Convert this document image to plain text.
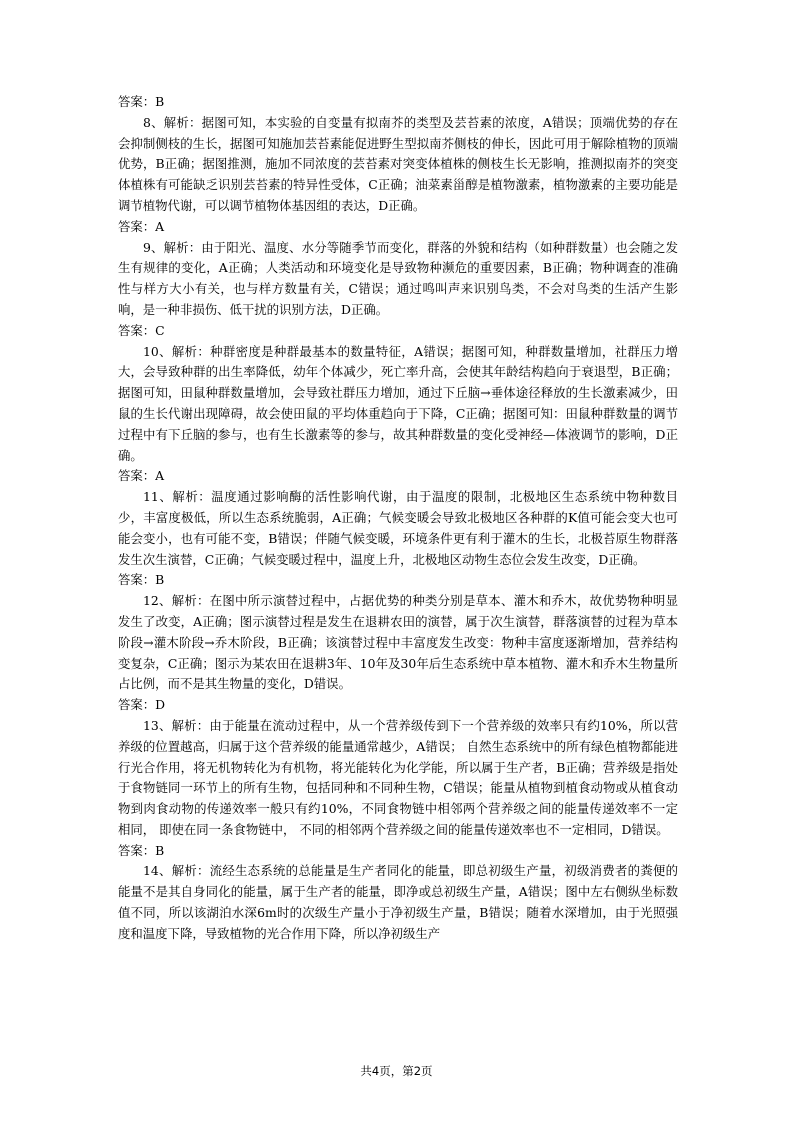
答案：B

8、解析：据图可知，本实验的自变量有拟南芥的类型及芸苔素的浓度，A错误；顶端优势的存在会抑制侧枝的生长，据图可知施加芸苔素能促进野生型拟南芥侧枝的伸长，因此可用于解除植物的顶端优势，B正确；据图推测，施加不同浓度的芸苔素对突变体植株的侧枝生长无影响，推测拟南芥的突变体植株有可能缺乏识别芸苔素的特异性受体，C正确；油菜素甾醇是植物激素，植物激素的主要功能是调节植物代谢，可以调节植物体基因组的表达，D正确。

答案：A

9、解析：由于阳光、温度、水分等随季节而变化，群落的外貌和结构（如种群数量）也会随之发生有规律的变化，A正确；人类活动和环境变化是导致物种濒危的重要因素，B正确；物种调查的准确性与样方大小有关，也与样方数量有关，C错误；通过鸣叫声来识别鸟类，不会对鸟类的生活产生影响，是一种非损伤、低干扰的识别方法，D正确。

答案：C

10、解析：种群密度是种群最基本的数量特征，A错误；据图可知，种群数量增加，社群压力增大，会导致种群的出生率降低，幼年个体减少，死亡率升高，会使其年龄结构趋向于衰退型，B正确；据图可知，田鼠种群数量增加，会导致社群压力增加，通过下丘脑→垂体途径释放的生长激素减少，田鼠的生长代谢出现障碍，故会使田鼠的平均体重趋向于下降，C正确；据图可知：田鼠种群数量的调节过程中有下丘脑的参与，也有生长激素等的参与，故其种群数量的变化受神经—体液调节的影响，D正确。

答案：A

11、解析：温度通过影响酶的活性影响代谢，由于温度的限制，北极地区生态系统中物种数目少，丰富度极低，所以生态系统脆弱，A正确；气候变暖会导致北极地区各种群的K值可能会变大也可能会变小，也有可能不变，B错误；伴随气候变暖，环境条件更有利于灌木的生长，北极苔原生物群落发生次生演替，C正确；气候变暖过程中，温度上升，北极地区动物生态位会发生改变，D正确。

答案：B

12、解析：在图中所示演替过程中，占据优势的种类分别是草本、灌木和乔木，故优势物种明显发生了改变，A正确；图示演替过程是发生在退耕农田的演替，属于次生演替，群落演替的过程为草本阶段→灌木阶段→乔木阶段，B正确；该演替过程中丰富度发生改变：物种丰富度逐渐增加，营养结构变复杂，C正确；图示为某农田在退耕3年、10年及30年后生态系统中草本植物、灌木和乔木生物量所占比例，而不是其生物量的变化，D错误。

答案：D

13、解析：由于能量在流动过程中，从一个营养级传到下一个营养级的效率只有约10%，所以营养级的位置越高，归属于这个营养级的能量通常越少，A错误； 自然生态系统中的所有绿色植物都能进行光合作用，将无机物转化为有机物，将光能转化为化学能，所以属于生产者，B正确；营养级是指处于食物链同一环节上的所有生物，包括同种和不同种生物，C错误；能量从植物到植食动物或从植食动物到肉食动物的传递效率一般只有约10%，不同食物链中相邻两个营养级之间的能量传递效率不一定相同， 即使在同一条食物链中， 不同的相邻两个营养级之间的能量传递效率也不一定相同，D错误。

答案：B

14、解析：流经生态系统的总能量是生产者同化的能量，即总初级生产量，初级消费者的粪便的能量不是其自身同化的能量，属于生产者的能量，即净或总初级生产量，A错误；图中左右侧纵坐标数值不同，所以该湖泊水深6m时的次级生产量小于净初级生产量，B错误；随着水深增加，由于光照强度和温度下降，导致植物的光合作用下降，所以净初级生产

共4页，第2页
